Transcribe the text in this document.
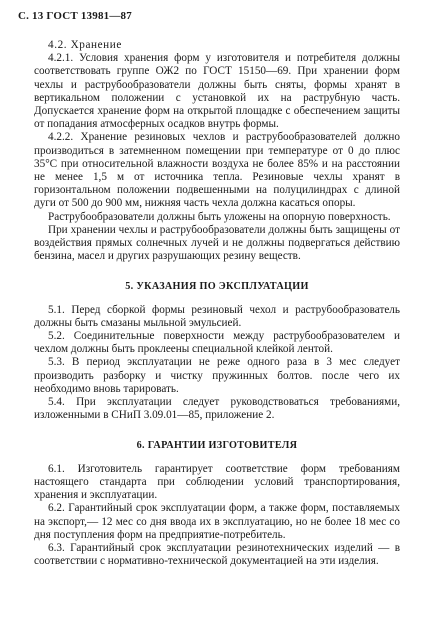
С. 13 ГОСТ 13981—87

4.2. Хранение

4.2.1. Условия хранения форм у изготовителя и потребителя должны соответствовать группе ОЖ2 по ГОСТ 15150—69. При хранении форм чехлы и раструбообразователи должны быть сняты, формы хранят в вертикальном положении с установкой их на раструбную часть. Допускается хранение форм на открытой площадке с обеспечением защиты от попадания атмосферных осадков внутрь формы.

4.2.2. Хранение резиновых чехлов и раструбообразователей должно производиться в затемненном помещении при температуре от 0 до плюс 35°С при относительной влажности воздуха не более 85% и на расстоянии не менее 1,5 м от источника тепла. Резиновые чехлы хранят в горизонтальном положении подвешенными на полуцилиндрах с длиной дуги от 500 до 900 мм, нижняя часть чехла должна касаться опоры.

Раструбообразователи должны быть уложены на опорную поверхность.

При хранении чехлы и раструбообразователи должны быть защищены от воздействия прямых солнечных лучей и не должны подвергаться действию бензина, масел и других разрушающих резину веществ.

5. УКАЗАНИЯ ПО ЭКСПЛУАТАЦИИ

5.1. Перед сборкой формы резиновый чехол и раструбообразователь должны быть смазаны мыльной эмульсией.

5.2. Соединительные поверхности между раструбообразователем и чехлом должны быть проклеены специальной клейкой лентой.

5.3. В период эксплуатации не реже одного раза в 3 мес следует производить разборку и чистку пружинных болтов. после чего их необходимо вновь тарировать.

5.4. При эксплуатации следует руководствоваться требованиями, изложенными в СНиП 3.09.01—85, приложение 2.

6. ГАРАНТИИ ИЗГОТОВИТЕЛЯ

6.1. Изготовитель гарантирует соответствие форм требованиям настоящего стандарта при соблюдении условий транспортирования, хранения и эксплуатации.

6.2. Гарантийный срок эксплуатации форм, а также форм, поставляемых на экспорт,— 12 мес со дня ввода их в эксплуатацию, но не более 18 мес со дня поступления форм на предприятие-потребитель.

6.3. Гарантийный срок эксплуатации резинотехнических изделий — в соответствии с нормативно-технической документацией на эти изделия.
